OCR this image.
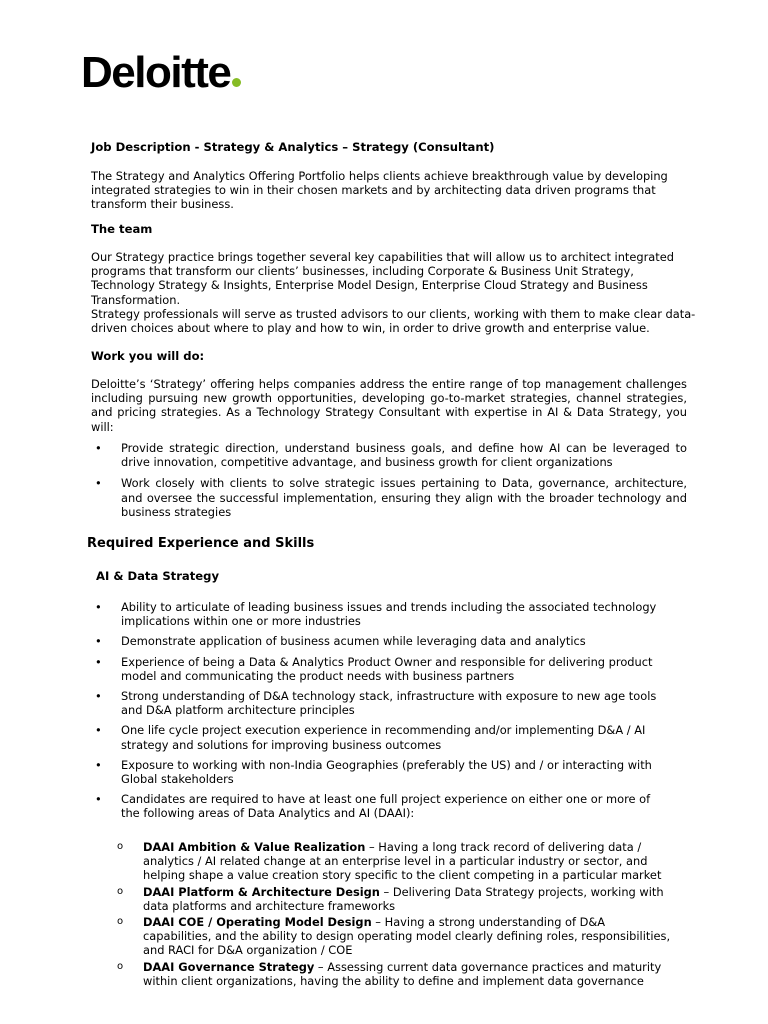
Deloitte
Job Description - Strategy & Analytics – Strategy (Consultant)
The Strategy and Analytics Offering Portfolio helps clients achieve breakthrough value by developing integrated strategies to win in their chosen markets and by architecting data driven programs that transform their business.
The team
Our Strategy practice brings together several key capabilities that will allow us to architect integrated programs that transform our clients’ businesses, including Corporate & Business Unit Strategy, Technology Strategy & Insights, Enterprise Model Design, Enterprise Cloud Strategy and Business Transformation.
Strategy professionals will serve as trusted advisors to our clients, working with them to make clear data-driven choices about where to play and how to win, in order to drive growth and enterprise value.
Work you will do:
Deloitte’s ‘Strategy’ offering helps companies address the entire range of top management challenges including pursuing new growth opportunities, developing go-to-market strategies, channel strategies, and pricing strategies. As a Technology Strategy Consultant with expertise in AI & Data Strategy, you will:
• Provide strategic direction, understand business goals, and define how AI can be leveraged to drive innovation, competitive advantage, and business growth for client organizations
• Work closely with clients to solve strategic issues pertaining to Data, governance, architecture, and oversee the successful implementation, ensuring they align with the broader technology and business strategies
Required Experience and Skills
AI & Data Strategy
• Ability to articulate of leading business issues and trends including the associated technology implications within one or more industries
• Demonstrate application of business acumen while leveraging data and analytics
• Experience of being a Data & Analytics Product Owner and responsible for delivering product model and communicating the product needs with business partners
• Strong understanding of D&A technology stack, infrastructure with exposure to new age tools and D&A platform architecture principles
• One life cycle project execution experience in recommending and/or implementing D&A / AI strategy and solutions for improving business outcomes
• Exposure to working with non-India Geographies (preferably the US) and / or interacting with Global stakeholders
• Candidates are required to have at least one full project experience on either one or more of the following areas of Data Analytics and AI (DAAI):
o DAAI Ambition & Value Realization – Having a long track record of delivering data / analytics / AI related change at an enterprise level in a particular industry or sector, and helping shape a value creation story specific to the client competing in a particular market
o DAAI Platform & Architecture Design – Delivering Data Strategy projects, working with data platforms and architecture frameworks
o DAAI COE / Operating Model Design – Having a strong understanding of D&A capabilities, and the ability to design operating model clearly defining roles, responsibilities, and RACI for D&A organization / COE
o DAAI Governance Strategy – Assessing current data governance practices and maturity within client organizations, having the ability to define and implement data governance
